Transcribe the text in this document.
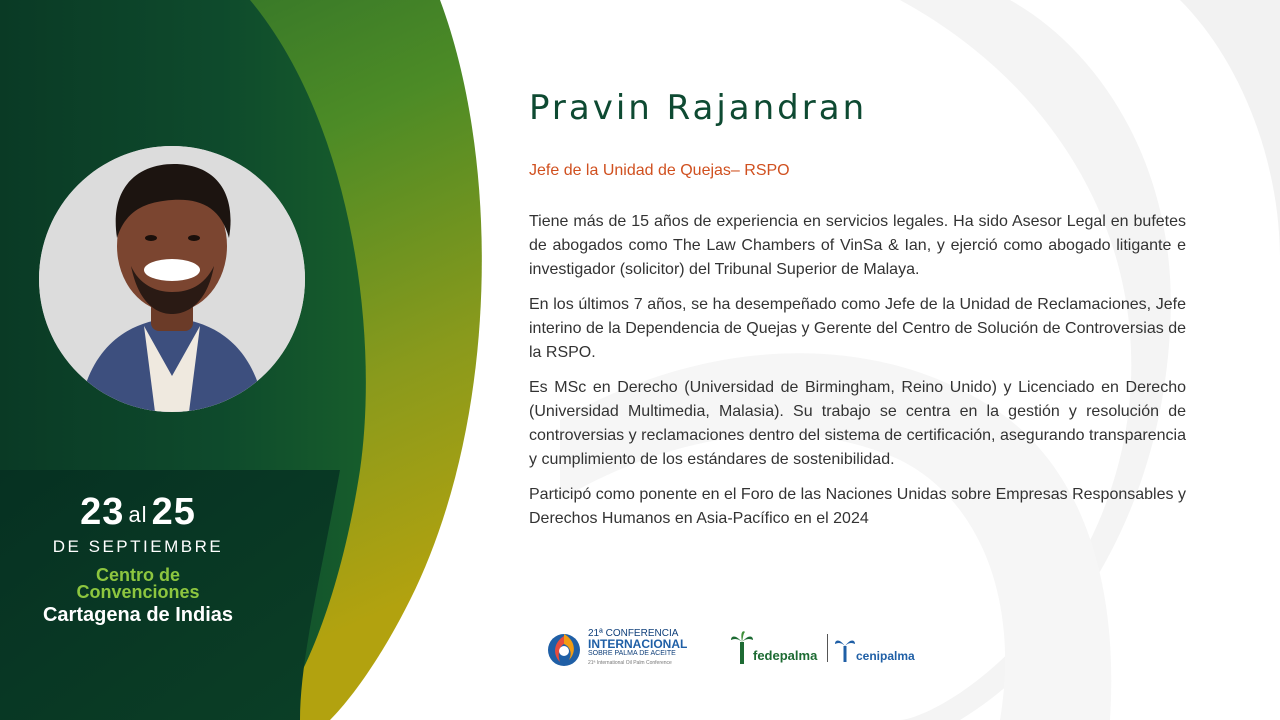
23 al 25
DE SEPTIEMBRE
Centro de
Convenciones
Cartagena de Indias
Pravin Rajandran
Jefe de la Unidad de Quejas– RSPO

Tiene más de 15 años de experiencia en servicios legales. Ha sido Asesor Legal en bufetes de abogados como The Law Chambers of VinSa & Ian, y ejerció como abogado litigante e investigador (solicitor) del Tribunal Superior de Malaya.

En los últimos 7 años, se ha desempeñado como Jefe de la Unidad de Reclamaciones, Jefe interino de la Dependencia de Quejas y Gerente del Centro de Solución de Controversias de la RSPO.

Es MSc en Derecho (Universidad de Birmingham, Reino Unido) y Licenciado en Derecho (Universidad Multimedia, Malasia). Su trabajo se centra en la gestión y resolución de controversias y reclamaciones dentro del sistema de certificación, asegurando transparencia y cumplimiento de los estándares de sostenibilidad.

Participó como ponente en el Foro de las Naciones Unidas sobre Empresas Responsables y Derechos Humanos en Asia-Pacífico en el 2024

21ª CONFERENCIA
INTERNACIONAL
SOBRE PALMA DE ACEITE
21ª International Oil Palm Conference	fedepalma	cenipalma
